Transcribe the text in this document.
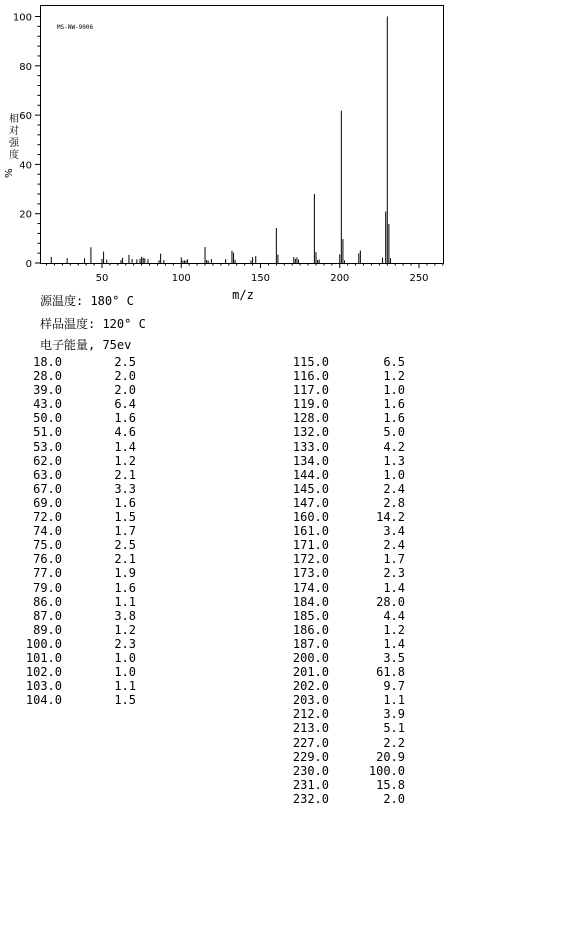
MS-NW-9006
50	100	150	200	250
0
20
40
60
80
100
m/z
相对强度
%
源温度: 180° C
样品温度: 120° C
电子能量, 75ev
18.0	2.5
28.0	2.0
39.0	2.0
43.0	6.4
50.0	1.6
51.0	4.6
53.0	1.4
62.0	1.2
63.0	2.1
67.0	3.3
69.0	1.6
72.0	1.5
74.0	1.7
75.0	2.5
76.0	2.1
77.0	1.9
79.0	1.6
86.0	1.1
87.0	3.8
89.0	1.2
100.0	2.3
101.0	1.0
102.0	1.0
103.0	1.1
104.0	1.5
115.0	6.5
116.0	1.2
117.0	1.0
119.0	1.6
128.0	1.6
132.0	5.0
133.0	4.2
134.0	1.3
144.0	1.0
145.0	2.4
147.0	2.8
160.0	14.2
161.0	3.4
171.0	2.4
172.0	1.7
173.0	2.3
174.0	1.4
184.0	28.0
185.0	4.4
186.0	1.2
187.0	1.4
200.0	3.5
201.0	61.8
202.0	9.7
203.0	1.1
212.0	3.9
213.0	5.1
227.0	2.2
229.0	20.9
230.0	100.0
231.0	15.8
232.0	2.0
